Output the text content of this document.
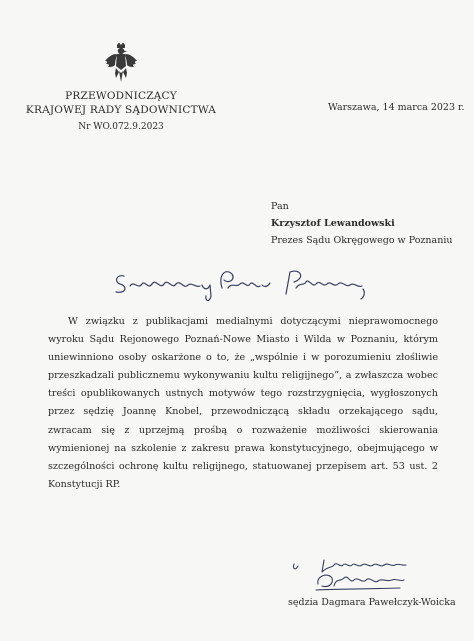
PRZEWODNICZĄCY
KRAJOWEJ RADY SĄDOWNICTWA
Nr WO.072.9.2023
Warszawa, 14 marca 2023 r.
Pan
Krzysztof Lewandowski
Prezes Sądu Okręgowego w Poznaniu

W związku z publikacjami medialnymi dotyczącymi nieprawomocnego wyroku Sądu Rejonowego Poznań-Nowe Miasto i Wilda w Poznaniu, którym uniewinniono osoby oskarżone o to, że „wspólnie i w porozumieniu złośliwie przeszkadzali publicznemu wykonywaniu kultu religijnego”, a zwłaszcza wobec treści opublikowanych ustnych motywów tego rozstrzygnięcia, wygłoszonych przez sędzię Joannę Knobel, przewodniczącą składu orzekającego sądu, zwracam się z uprzejmą prośbą o rozważenie możliwości skierowania wymienionej na szkolenie z zakresu prawa konstytucyjnego, obejmującego w szczególności ochronę kultu religijnego, statuowanej przepisem art. 53 ust. 2 Konstytucji RP.

sędzia Dagmara Pawełczyk-Woicka
